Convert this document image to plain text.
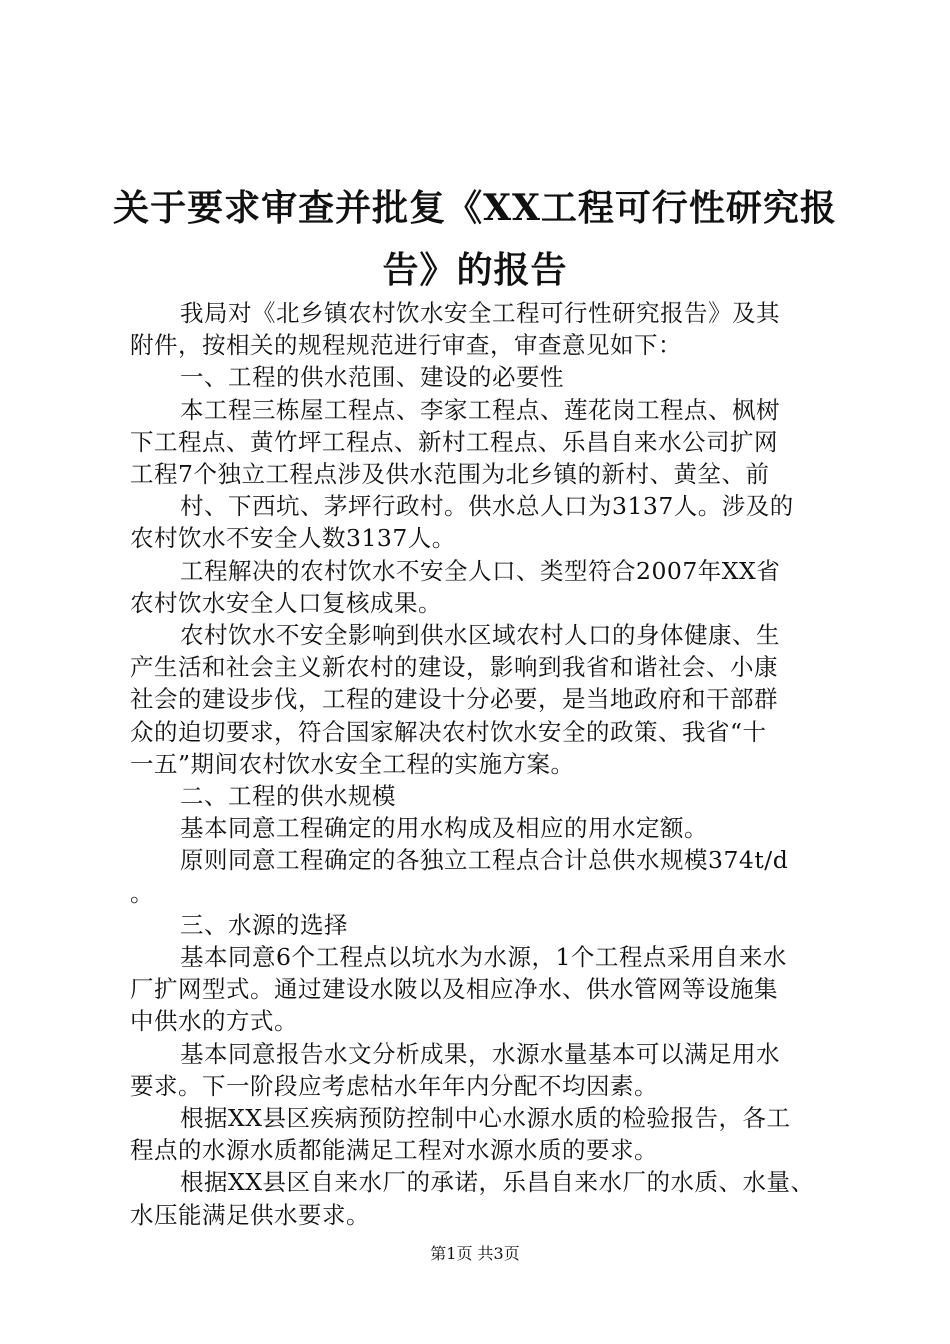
关于要求审查并批复《XX工程可行性研究报
告》的报告

我局对《北乡镇农村饮水安全工程可行性研究报告》及其

附件，按相关的规程规范进行审查，审查意见如下：

一、工程的供水范围、建设的必要性

本工程三栋屋工程点、李家工程点、莲花岗工程点、枫树

下工程点、黄竹坪工程点、新村工程点、乐昌自来水公司扩网

工程7个独立工程点涉及供水范围为北乡镇的新村、黄坌、前

村、下西坑、茅坪行政村。供水总人口为3137人。涉及的

农村饮水不安全人数3137人。

工程解决的农村饮水不安全人口、类型符合2007年XX省

农村饮水安全人口复核成果。

农村饮水不安全影响到供水区域农村人口的身体健康、生

产生活和社会主义新农村的建设，影响到我省和谐社会、小康

社会的建设步伐，工程的建设十分必要，是当地政府和干部群

众的迫切要求，符合国家解决农村饮水安全的政策、我省“十

一五”期间农村饮水安全工程的实施方案。

二、工程的供水规模

基本同意工程确定的用水构成及相应的用水定额。

原则同意工程确定的各独立工程点合计总供水规模374t/d

。

三、水源的选择

基本同意6个工程点以坑水为水源，1个工程点采用自来水

厂扩网型式。通过建设水陂以及相应净水、供水管网等设施集

中供水的方式。

基本同意报告水文分析成果，水源水量基本可以满足用水

要求。下一阶段应考虑枯水年年内分配不均因素。

根据XX县区疾病预防控制中心水源水质的检验报告，各工

程点的水源水质都能满足工程对水源水质的要求。

根据XX县区自来水厂的承诺，乐昌自来水厂的水质、水量、

水压能满足供水要求。

第1页 共3页
